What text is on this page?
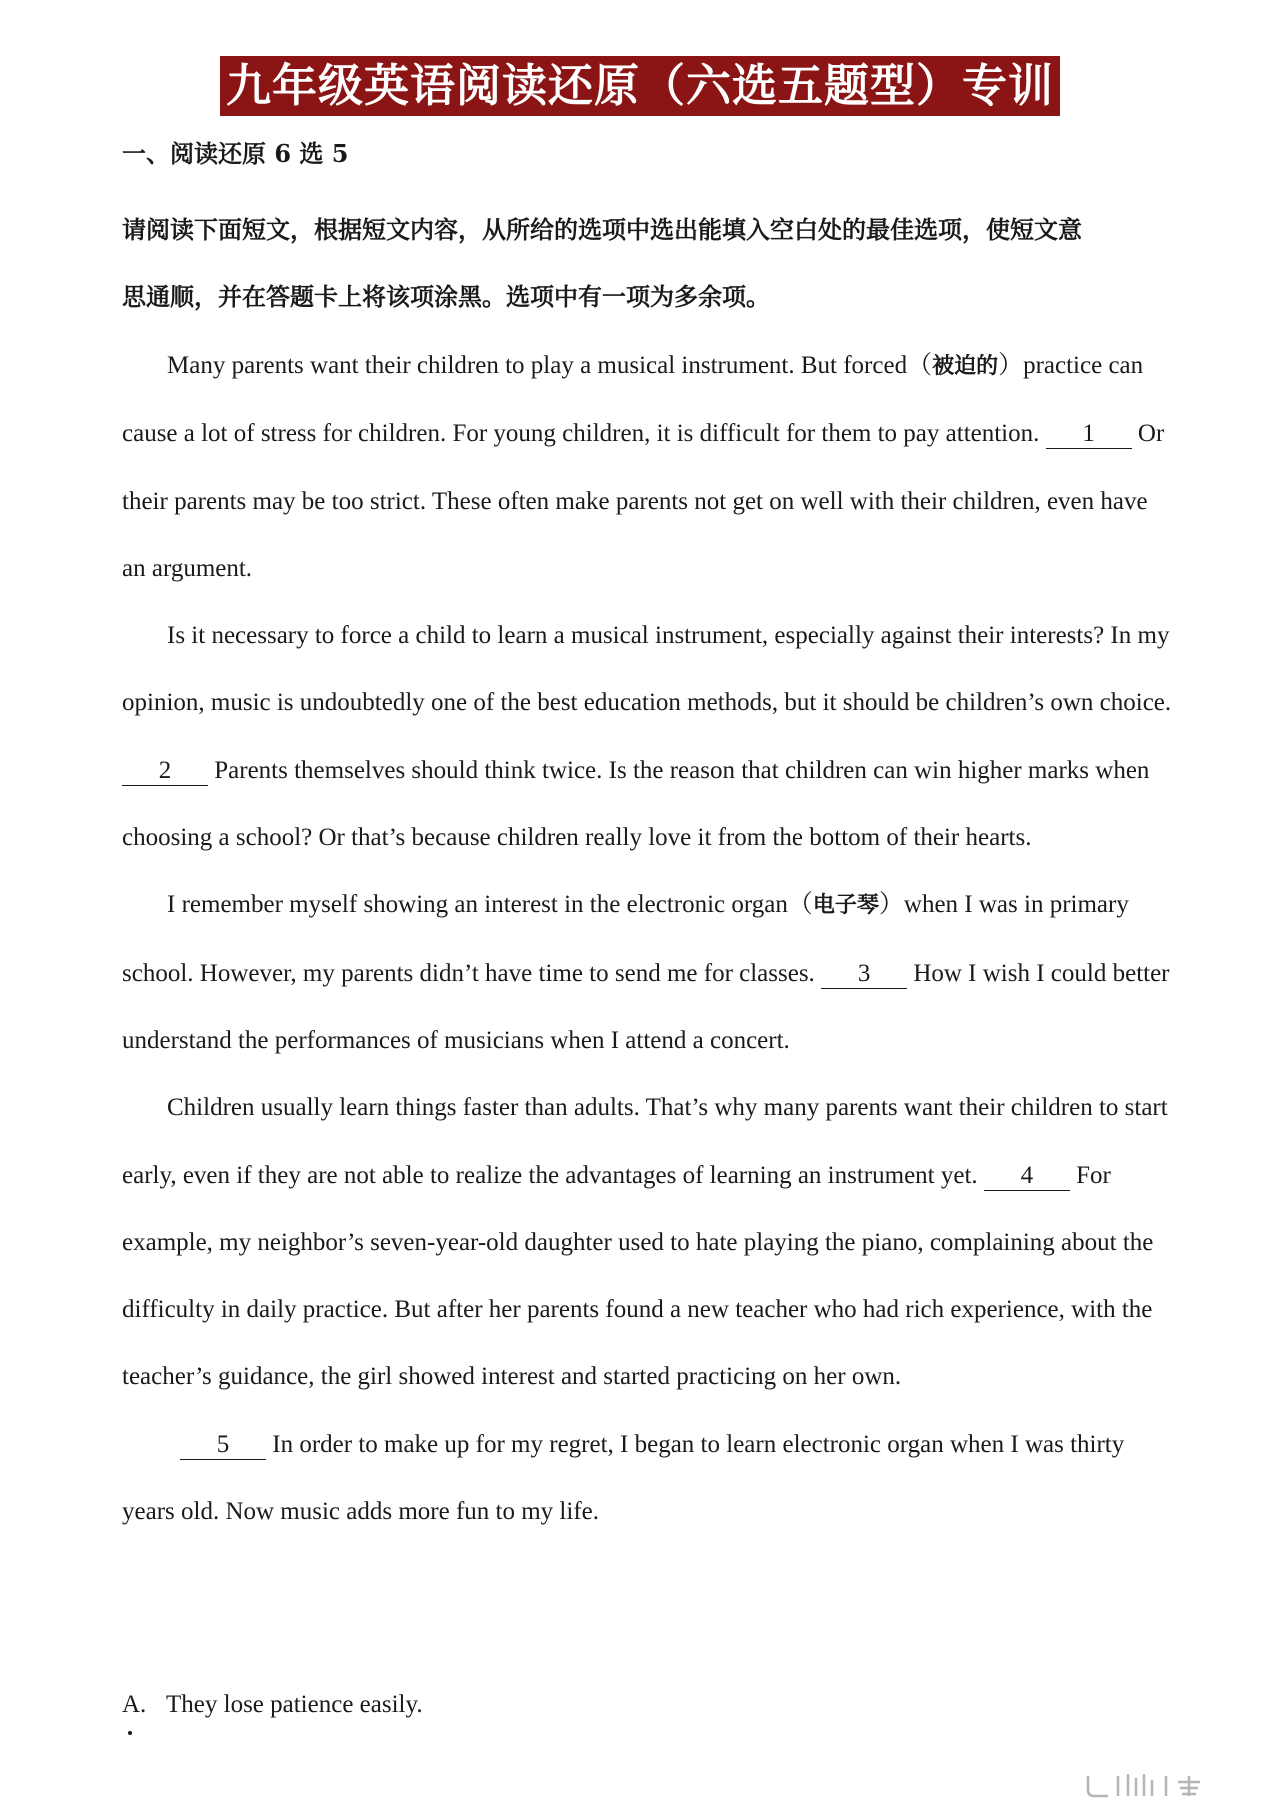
九年级英语阅读还原（六选五题型）专训
一、阅读还原 6 选 5

请阅读下面短文，根据短文内容，从所给的选项中选出能填入空白处的最佳选项，使短文意

思通顺，并在答题卡上将该项涂黑。选项中有一项为多余项。

Many parents want their children to play a musical instrument. But forced（被迫的）practice can cause a lot of stress for children. For young children, it is difficult for them to pay attention. 1 Or their parents may be too strict. These often make parents not get on well with their children, even have an argument.

Is it necessary to force a child to learn a musical instrument, especially against their interests? In my opinion, music is undoubtedly one of the best education methods, but it should be children’s own choice. 2 Parents themselves should think twice. Is the reason that children can win higher marks when choosing a school? Or that’s because children really love it from the bottom of their hearts.

I remember myself showing an interest in the electronic organ（电子琴）when I was in primary school. However, my parents didn’t have time to send me for classes. 3 How I wish I could better understand the performances of musicians when I attend a concert.

Children usually learn things faster than adults. That’s why many parents want their children to start early, even if they are not able to realize the advantages of learning an instrument yet. 4 For example, my neighbor’s seven-year-old daughter used to hate playing the piano, complaining about the difficulty in daily practice. But after her parents found a new teacher who had rich experience, with the teacher’s guidance, the girl showed interest and started practicing on her own.

5 In order to make up for my regret, I began to learn electronic organ when I was thirty years old. Now music adds more fun to my life.

A. They lose patience easily.
